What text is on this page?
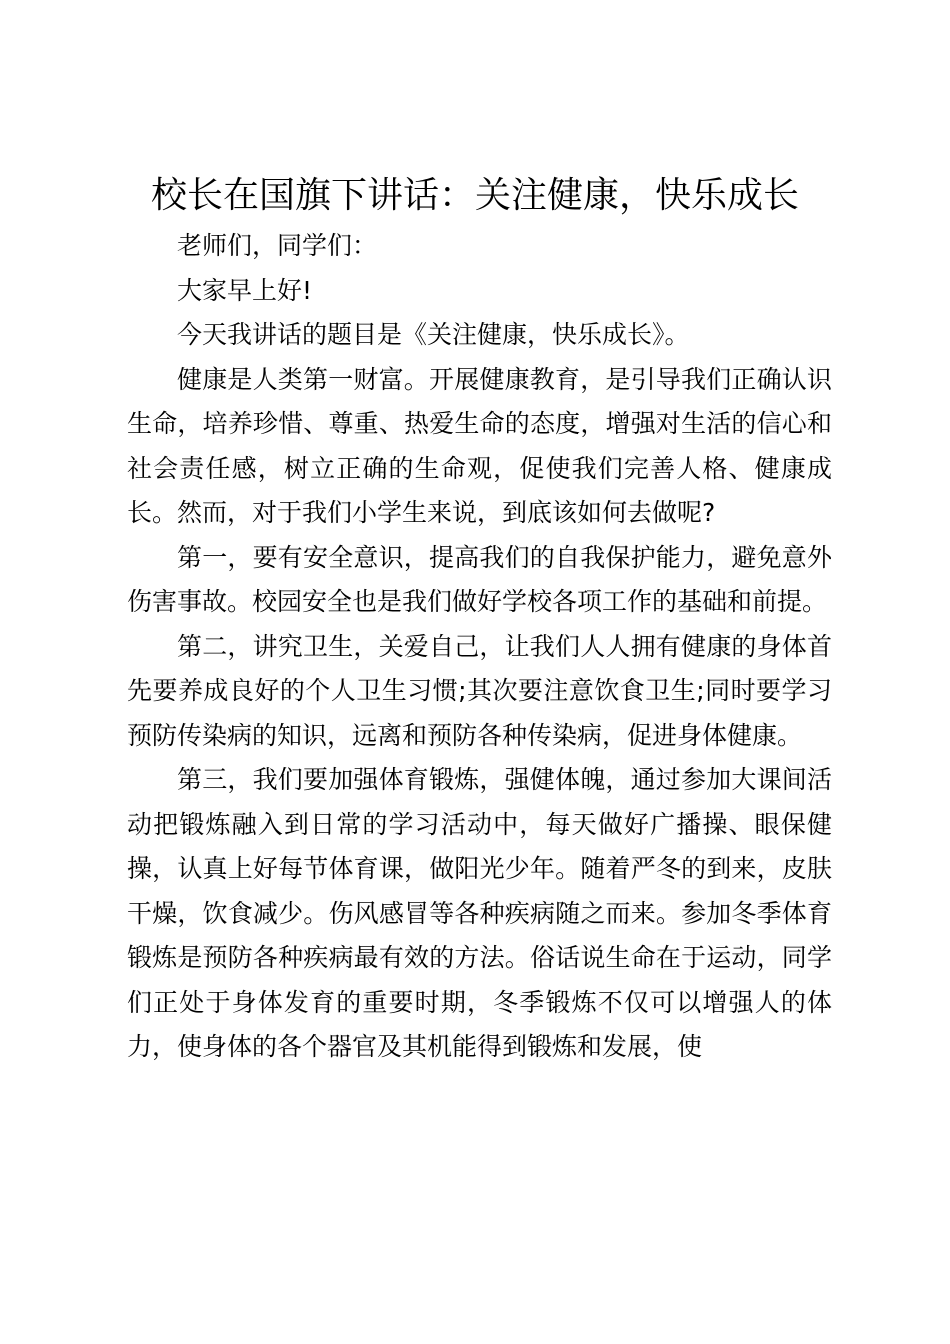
校长在国旗下讲话：关注健康，快乐成长

老师们，同学们：

大家早上好!

今天我讲话的题目是《关注健康，快乐成长》。

健康是人类第一财富。开展健康教育，是引导我们正确认识生命，培养珍惜、尊重、热爱生命的态度，增强对生活的信心和社会责任感，树立正确的生命观，促使我们完善人格、健康成长。然而，对于我们小学生来说，到底该如何去做呢?

第一，要有安全意识，提高我们的自我保护能力，避免意外伤害事故。校园安全也是我们做好学校各项工作的基础和前提。

第二，讲究卫生，关爱自己，让我们人人拥有健康的身体首先要养成良好的个人卫生习惯;其次要注意饮食卫生;同时要学习预防传染病的知识，远离和预防各种传染病，促进身体健康。

第三，我们要加强体育锻炼，强健体魄，通过参加大课间活动把锻炼融入到日常的学习活动中，每天做好广播操、眼保健操，认真上好每节体育课，做阳光少年。随着严冬的到来，皮肤干燥，饮食减少。伤风感冒等各种疾病随之而来。参加冬季体育锻炼是预防各种疾病最有效的方法。俗话说生命在于运动，同学们正处于身体发育的重要时期，冬季锻炼不仅可以增强人的体力，使身体的各个器官及其机能得到锻炼和发展，使
